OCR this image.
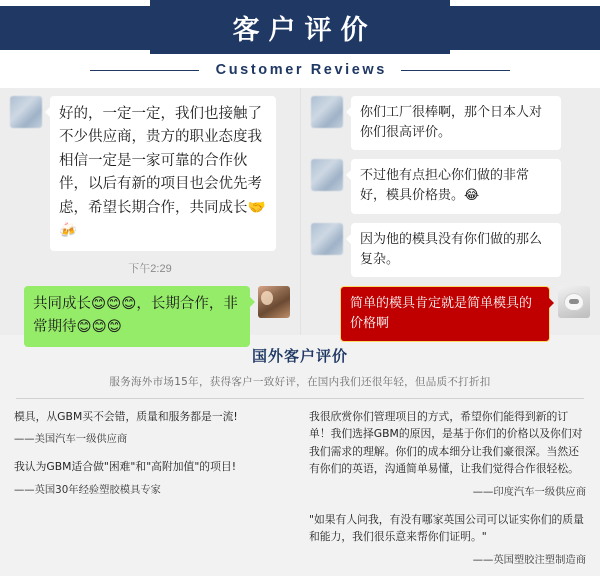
客户评价
Customer Reviews
好的，一定一定，我们也接触了不少供应商，贵方的职业态度我相信一定是一家可靠的合作伙伴，以后有新的项目也会优先考虑，希望长期合作，共同成长🤝🍻
下午2:29
共同成长😊😊😊，长期合作，非常期待😊😊😊
你们工厂很棒啊，那个日本人对你们很高评价。
不过他有点担心你们做的非常好，模具价格贵。😂
因为他的模具没有你们做的那么复杂。
简单的模具肯定就是简单模具的价格啊
国外客户评价
服务海外市场15年，获得客户一致好评，在国内我们还很年轻，但品质不打折扣
模具，从GBM买不会错，质量和服务都是一流!
——美国汽车一级供应商
我认为GBM适合做"困难"和"高附加值"的项目!
——英国30年经验塑胶模具专家
我很欣赏你们管理项目的方式，希望你们能得到新的订单！我们选择GBM的原因，是基于你们的价格以及你们对我们需求的理解。你们的成本细分让我们豪很深。当然还有你们的英语，沟通简单易懂，让我们觉得合作很轻松。
——印度汽车一级供应商
"如果有人问我，有没有哪家英国公司可以证实你们的质量和能力，我们很乐意来帮你们证明。"
——英国塑胶注塑制造商
